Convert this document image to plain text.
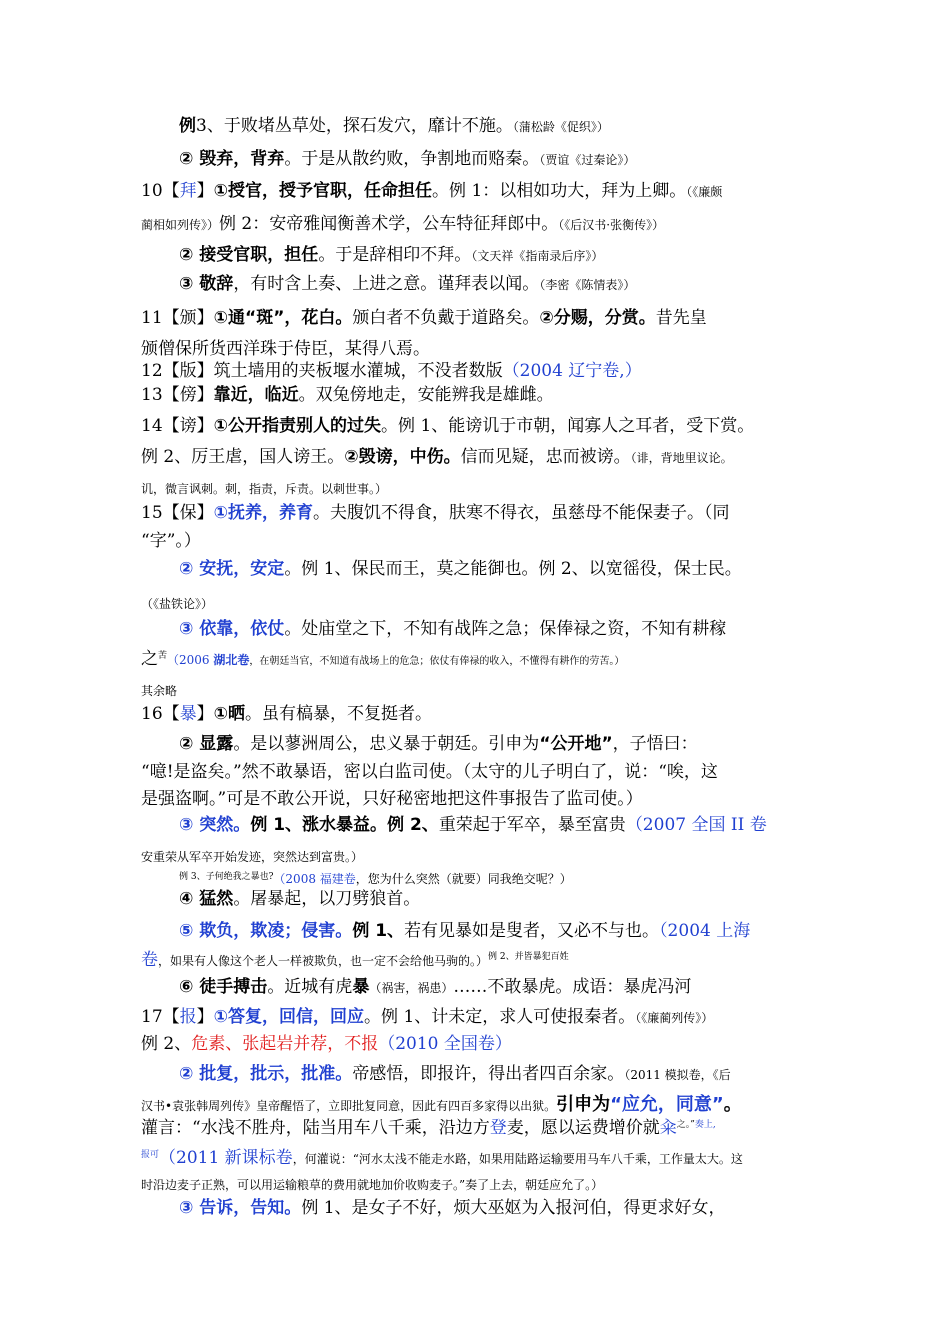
例3、于败堵丛草处，探石发穴，靡计不施。（蒲松龄《促织》）
② 毁弃，背弃。于是从散约败，争割地而赂秦。（贾谊《过秦论》）
10【拜】①授官，授予官职，任命担任。例 1：以相如功大，拜为上卿。（《廉颇
蔺相如列传》）例 2：安帝雅闻衡善术学，公车特征拜郎中。（《后汉书·张衡传》）
② 接受官职，担任。于是辞相印不拜。（文天祥《指南录后序》）
③ 敬辞，有时含上奏、上进之意。谨拜表以闻。（李密《陈情表》）
11【颁】①通“斑”，花白。颁白者不负戴于道路矣。②分赐，分赏。昔先皇
颁僧保所货西洋珠于侍臣，某得八焉。
12【版】筑土墙用的夹板堰水灌城，不没者数版（2004 辽宁卷,）
13【傍】靠近，临近。双兔傍地走，安能辨我是雄雌。
14【谤】①公开指责别人的过失。例 1、能谤讥于市朝，闻寡人之耳者，受下赏。
例 2、厉王虐，国人谤王。②毁谤，中伤。信而见疑，忠而被谤。（诽，背地里议论。
讥，微言讽刺。刺，指责，斥责。以刺世事。）
15【保】①抚养，养育。夫腹饥不得食，肤寒不得衣，虽慈母不能保妻子。（同
“字”。）
② 安抚，安定。例 1、保民而王，莫之能御也。例 2、以宽徭役，保士民。
（《盐铁论》）
③ 依靠，依仗。处庙堂之下，不知有战阵之急；保俸禄之资，不知有耕稼
之$^苦$（2006 湖北卷，在朝廷当官，不知道有战场上的危急；依仗有俸禄的收入，不懂得有耕作的劳苦。）
其余略
16【暴】①晒。虽有槁暴，不复挺者。
② 显露。是以蓼洲周公，忠义暴于朝廷。引申为“公开地”，子悟曰：
“噫!是盗矣。”然不敢暴语，密以白监司使。（太守的儿子明白了，说：“唉，这
是强盗啊。”可是不敢公开说，只好秘密地把这件事报告了监司使。）
③ 突然。例 1、涨水暴益。例 2、重荣起于军卒，暴至富贵（2007 全国 II 卷
安重荣从军卒开始发迹，突然达到富贵。）
$^{例 3、子何绝我之暴也?}$（2008 福建卷，您为什么突然（就要）同我绝交呢？）
④ 猛然。屠暴起，以刀劈狼首。
⑤ 欺负，欺凌；侵害。例 1、若有见暴如是叟者，又必不与也。（2004 上海
卷，如果有人像这个老人一样被欺负，也一定不会给他马驹的。）$^{例 2、并皆暴犯百姓}$
⑥ 徒手搏击。近城有虎暴（祸害，祸患）……不敢暴虎。成语：暴虎冯河
17【报】①答复，回信，回应。例 1、计未定，求人可使报秦者。（《廉蔺列传》）
例 2、危素、张起岩并荐，不报（2010 全国卷）
② 批复，批示，批准。帝感悟，即报许，得出者四百余家。（2011 模拟卷，《后
汉书•袁张韩周列传》皇帝醒悟了，立即批复同意，因此有四百多家得以出狱。引申为“应允，同意”。
灌言：“水浅不胜舟，陆当用车八千乘，沿边方登麦，愿以运费增价就籴$^{之。”奏上,}$
$^{报可}$（2011 新课标卷，何灌说：“河水太浅不能走水路，如果用陆路运输要用马车八千乘，工作量太大。这
时沿边麦子正熟，可以用运输粮草的费用就地加价收购麦子。”奏了上去，朝廷应允了。）
③ 告诉，告知。例 1、是女子不好，烦大巫妪为入报河伯，得更求好女，
